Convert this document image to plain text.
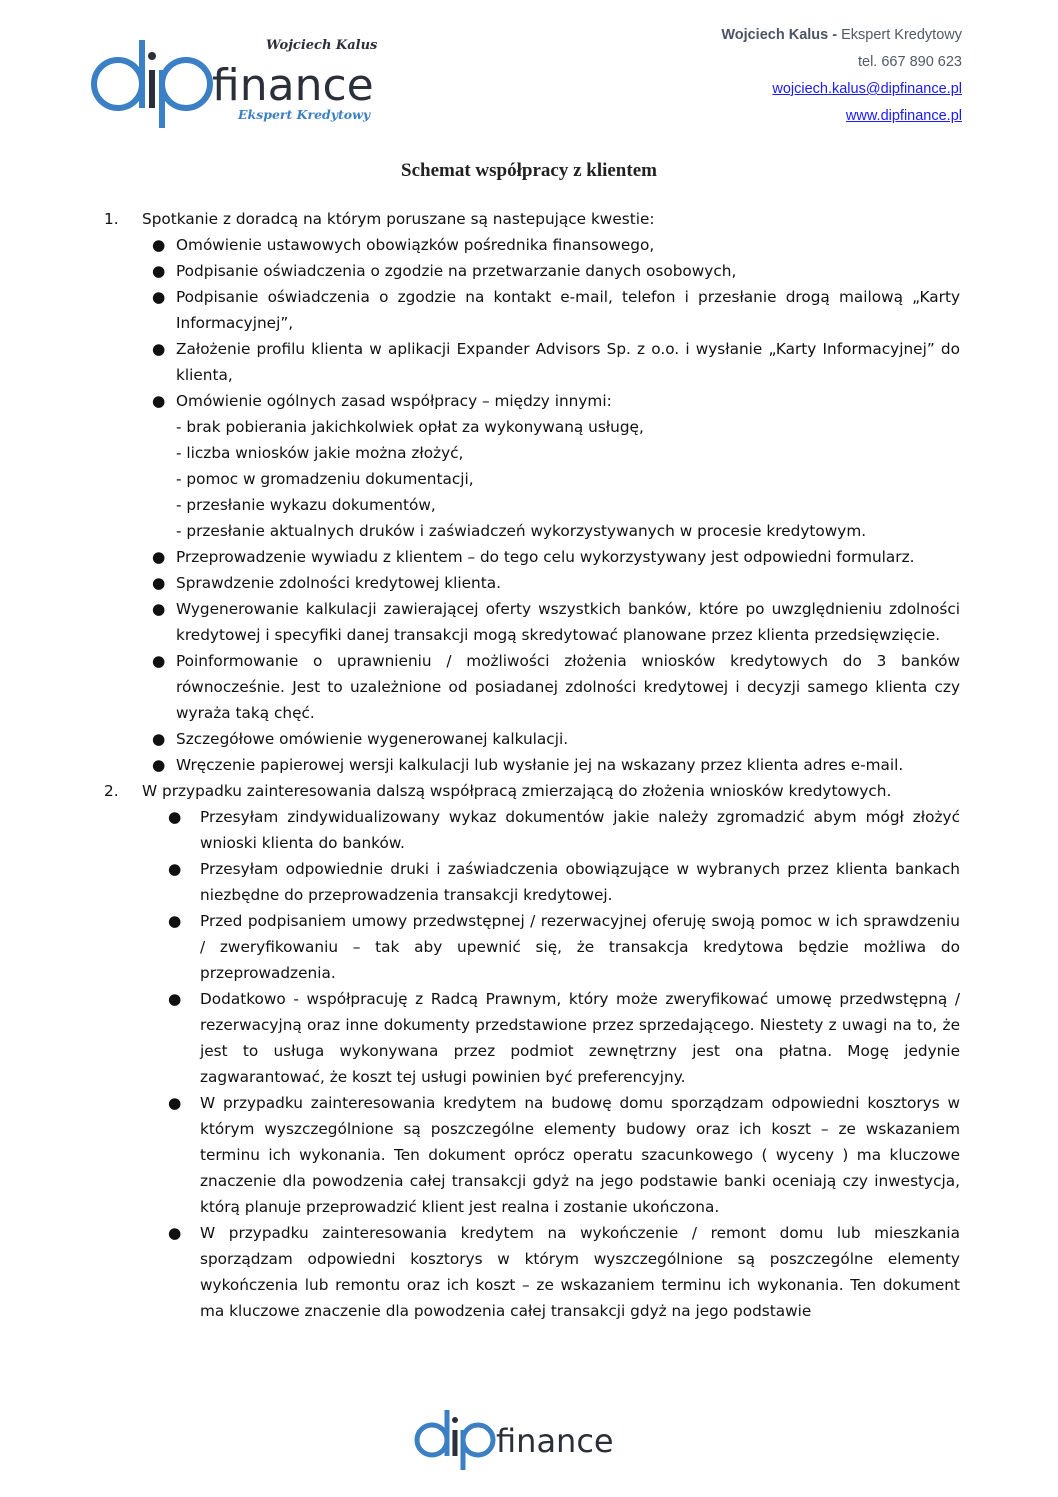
finance
Wojciech Kalus
Ekspert Kredytowy
Wojciech Kalus - Ekspert Kredytowy
tel. 667 890 623
wojciech.kalus@dipfinance.pl
www.dipfinance.pl
Schemat współpracy z klientem
1. Spotkanie z doradcą na którym poruszane są nastepujące kwestie:
● Omówienie ustawowych obowiązków pośrednika finansowego,
● Podpisanie oświadczenia o zgodzie na przetwarzanie danych osobowych,
● Podpisanie oświadczenia o zgodzie na kontakt e-mail, telefon i przesłanie drogą mailową „Karty Informacyjnej”,
● Założenie profilu klienta w aplikacji Expander Advisors Sp. z o.o. i wysłanie „Karty Informacyjnej” do klienta,
● Omówienie ogólnych zasad współpracy – między innymi:
- brak pobierania jakichkolwiek opłat za wykonywaną usługę,
- liczba wniosków jakie można złożyć,
- pomoc w gromadzeniu dokumentacji,
- przesłanie wykazu dokumentów,
- przesłanie aktualnych druków i zaświadczeń wykorzystywanych w procesie kredytowym.
● Przeprowadzenie wywiadu z klientem – do tego celu wykorzystywany jest odpowiedni formularz.
● Sprawdzenie zdolności kredytowej klienta.
● Wygenerowanie kalkulacji zawierającej oferty wszystkich banków, które po uwzględnieniu zdolności kredytowej i specyfiki danej transakcji mogą skredytować planowane przez klienta przedsięwzięcie.
● Poinformowanie o uprawnieniu / możliwości złożenia wniosków kredytowych do 3 banków równocześnie. Jest to uzależnione od posiadanej zdolności kredytowej i decyzji samego klienta czy wyraża taką chęć.
● Szczegółowe omówienie wygenerowanej kalkulacji.
● Wręczenie papierowej wersji kalkulacji lub wysłanie jej na wskazany przez klienta adres e-mail.
2. W przypadku zainteresowania dalszą współpracą zmierzającą do złożenia wniosków kredytowych.
● Przesyłam zindywidualizowany wykaz dokumentów jakie należy zgromadzić abym mógł złożyć wnioski klienta do banków.
● Przesyłam odpowiednie druki i zaświadczenia obowiązujące w wybranych przez klienta bankach niezbędne do przeprowadzenia transakcji kredytowej.
● Przed podpisaniem umowy przedwstępnej / rezerwacyjnej oferuję swoją pomoc w ich sprawdzeniu / zweryfikowaniu – tak aby upewnić się, że transakcja kredytowa będzie możliwa do przeprowadzenia.
● Dodatkowo - współpracuję z Radcą Prawnym, który może zweryfikować umowę przedwstępną / rezerwacyjną oraz inne dokumenty przedstawione przez sprzedającego. Niestety z uwagi na to, że jest to usługa wykonywana przez podmiot zewnętrzny jest ona płatna. Mogę jedynie zagwarantować, że koszt tej usługi powinien być preferencyjny.
● W przypadku zainteresowania kredytem na budowę domu sporządzam odpowiedni kosztorys w którym wyszczególnione są poszczególne elementy budowy oraz ich koszt – ze wskazaniem terminu ich wykonania. Ten dokument oprócz operatu szacunkowego ( wyceny ) ma kluczowe znaczenie dla powodzenia całej transakcji gdyż na jego podstawie banki oceniają czy inwestycja, którą planuje przeprowadzić klient jest realna i zostanie ukończona.
● W przypadku zainteresowania kredytem na wykończenie / remont domu lub mieszkania sporządzam odpowiedni kosztorys w którym wyszczególnione są poszczególne elementy wykończenia lub remontu oraz ich koszt – ze wskazaniem terminu ich wykonania. Ten dokument ma kluczowe znaczenie dla powodzenia całej transakcji gdyż na jego podstawie
finance
